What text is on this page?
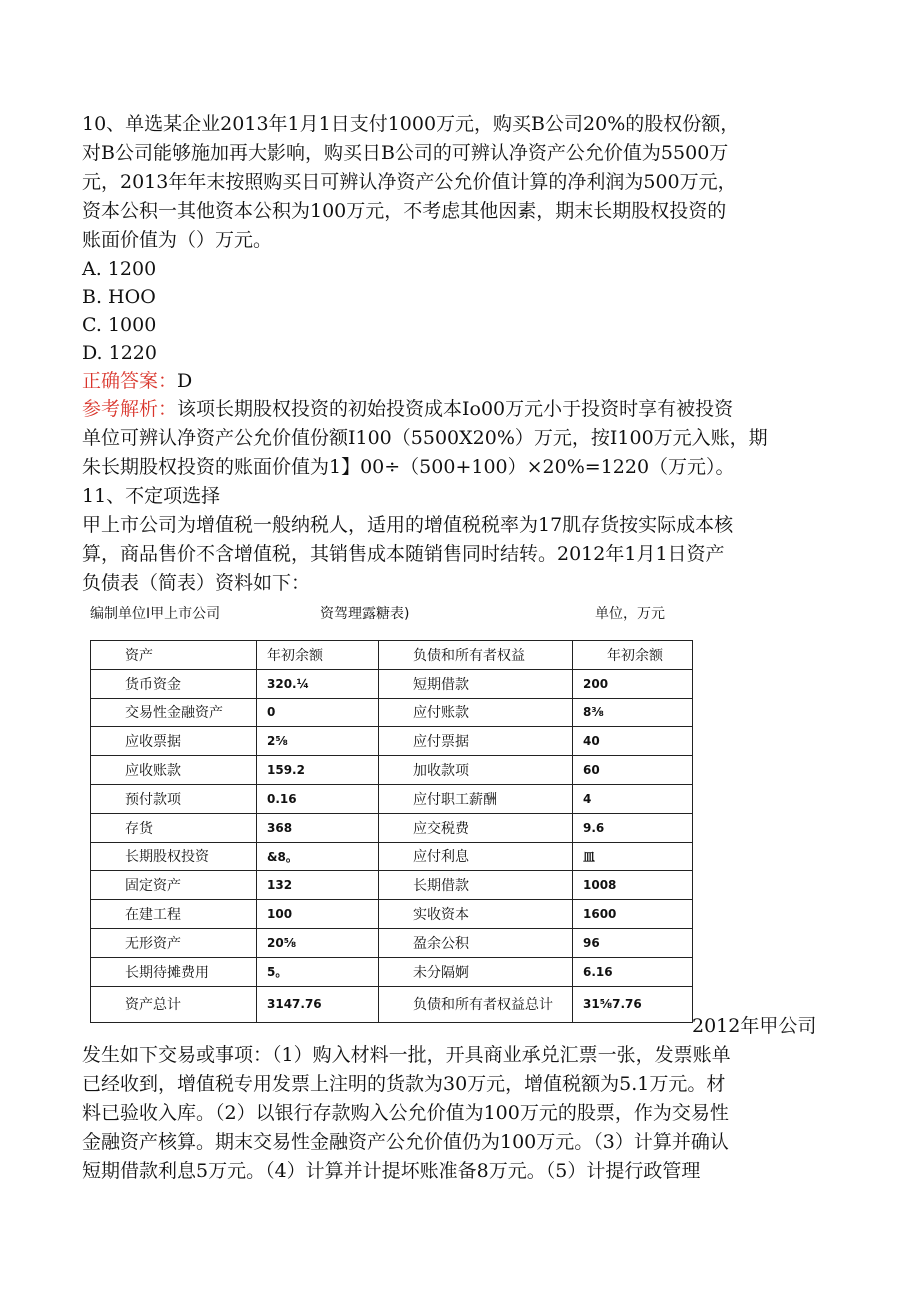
10、单选某企业2013年1月1日支付1000万元，购买B公司20%的股权份额，
对B公司能够施加再大影响，购买日B公司的可辨认净资产公允价值为5500万
元，2013年年末按照购买日可辨认净资产公允价值计算的净利润为500万元，
资本公积一其他资本公积为100万元，不考虑其他因素，期末长期股权投资的
账面价值为（）万元。
A. 1200
B. HOO
C. 1000
D. 1220
正确答案：D
参考解析：该项长期股权投资的初始投资成本Io00万元小于投资时享有被投资
单位可辨认净资产公允价值份额I100（5500X20%）万元，按I100万元入账，期
朱长期股权投资的账面价值为1】00÷（500+100）×20%=1220（万元）。
11、不定项选择
甲上市公司为增值税一般纳税人，适用的增值税税率为17肌存货按实际成本核
算，商品售价不含增值税，其销售成本随销售同时结转。2012年1月1日资产
负债表（简表）资料如下：
编制单位I甲上市公司	资驾理露糖表)	单位，万元
资产	年初余额	负债和所有者权益	年初余额
货币资金	320.¼	短期借款	200
交易性金融资产	0	应付账款	8⅜
应收票据	2⅝	应付票据	40
应收账款	159.2	加收款项	60
预付款项	0.16	应付职工薪酬	4
存货	368	应交税费	9.6
长期股权投资	&8。	应付利息	皿
固定资产	132	长期借款	1008
在建工程	100	实收资本	1600
无形资产	20⅝	盈余公积	96
长期待摊费用	5。	未分隔婀	6.16
资产总计	3147.76	负债和所有者权益总计	31⅝7.76
2012年甲公司
发生如下交易或事项：（1）购入材料一批，开具商业承兑汇票一张，发票账单
已经收到，增值税专用发票上注明的货款为30万元，增值税额为5.1万元。材
料已验收入库。（2）以银行存款购入公允价值为100万元的股票，作为交易性
金融资产核算。期末交易性金融资产公允价值仍为100万元。（3）计算并确认
短期借款利息5万元。（4）计算并计提坏账准备8万元。（5）计提行政管理
